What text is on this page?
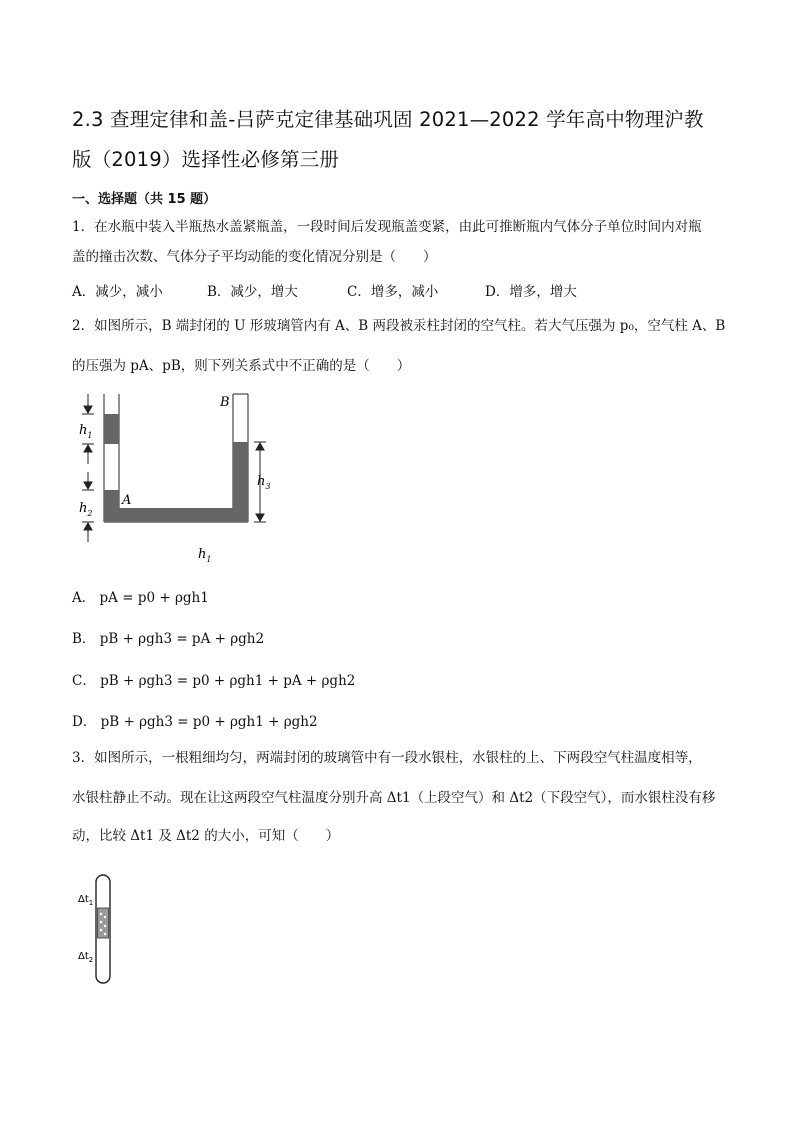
2.3 查理定律和盖-吕萨克定律基础巩固 2021—2022 学年高中物理沪教
版（2019）选择性必修第三册
一、选择题（共 15 题）
1．在水瓶中装入半瓶热水盖紧瓶盖，一段时间后发现瓶盖变紧，由此可推断瓶内气体分子单位时间内对瓶
盖的撞击次数、气体分子平均动能的变化情况分别是（　　）
A．减少，减小	B．减少，增大	C．增多，减小	D．增多，增大
2．如图所示，B 端封闭的 U 形玻璃管内有 A、B 两段被汞柱封闭的空气柱。若大气压强为 p₀，空气柱 A、B
的压强为 pA、pB，则下列关系式中不正确的是（　　）
$h_1$
$h_2$
$h_3$
$h_1$
A
B
A． pA = p0 + ρgh1
B． pB + ρgh3 = pA + ρgh2
C． pB + ρgh3 = p0 + ρgh1 + pA + ρgh2
D． pB + ρgh3 = p0 + ρgh1 + ρgh2
3．如图所示，一根粗细均匀，两端封闭的玻璃管中有一段水银柱，水银柱的上、下两段空气柱温度相等，
水银柱静止不动。现在让这两段空气柱温度分别升高 Δt1（上段空气）和 Δt2（下段空气），而水银柱没有移
动，比较 Δt1 及 Δt2 的大小，可知（　　）
$\Delta t_1$
$\Delta t_2$
